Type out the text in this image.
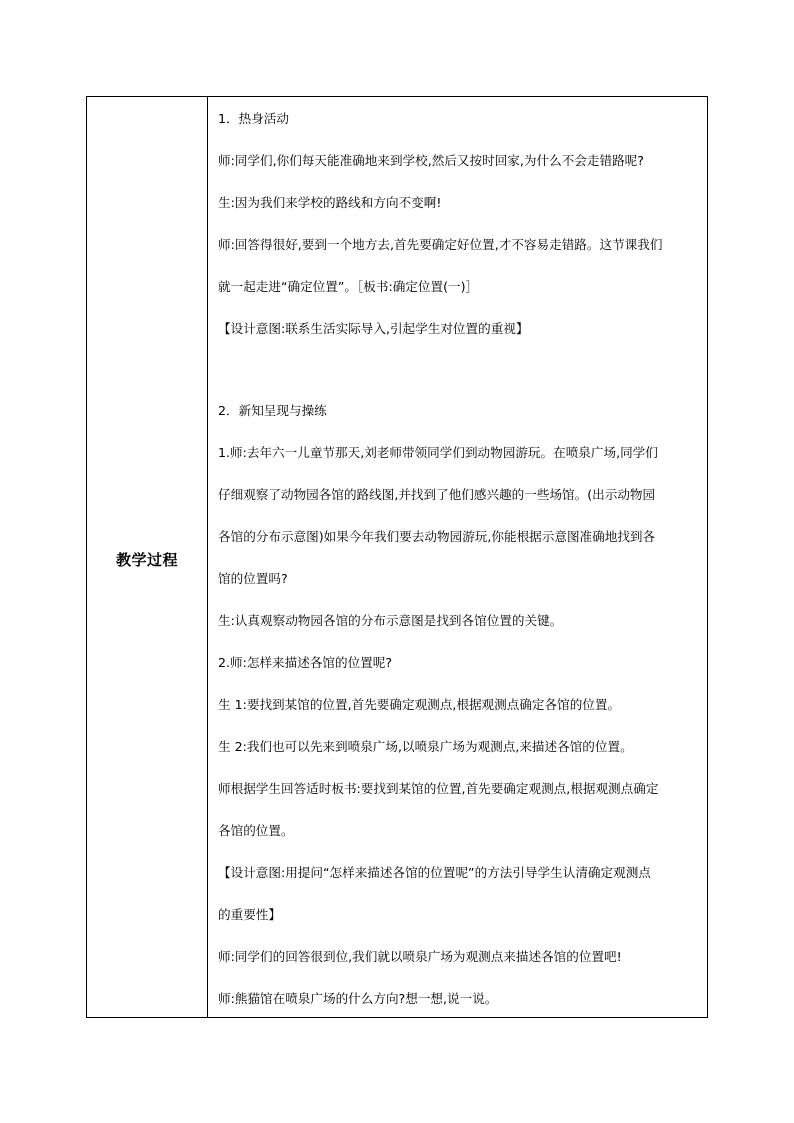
教学过程
1．热身活动
师:同学们,你们每天能准确地来到学校,然后又按时回家,为什么不会走错路呢?
生:因为我们来学校的路线和方向不变啊!
师:回答得很好,要到一个地方去,首先要确定好位置,才不容易走错路。这节课我们
就一起走进“确定位置”。［板书:确定位置(一)］
【设计意图:联系生活实际导入,引起学生对位置的重视】
2．新知呈现与操练
1.师:去年六一儿童节那天,刘老师带领同学们到动物园游玩。在喷泉广场,同学们
仔细观察了动物园各馆的路线图,并找到了他们感兴趣的一些场馆。(出示动物园
各馆的分布示意图)如果今年我们要去动物园游玩,你能根据示意图准确地找到各
馆的位置吗?
生:认真观察动物园各馆的分布示意图是找到各馆位置的关键。
2.师:怎样来描述各馆的位置呢?
生 1:要找到某馆的位置,首先要确定观测点,根据观测点确定各馆的位置。
生 2:我们也可以先来到喷泉广场,以喷泉广场为观测点,来描述各馆的位置。
师根据学生回答适时板书:要找到某馆的位置,首先要确定观测点,根据观测点确定
各馆的位置。
【设计意图:用提问“怎样来描述各馆的位置呢”的方法引导学生认清确定观测点
的重要性】
师:同学们的回答很到位,我们就以喷泉广场为观测点来描述各馆的位置吧!
师:熊猫馆在喷泉广场的什么方向?想一想,说一说。
